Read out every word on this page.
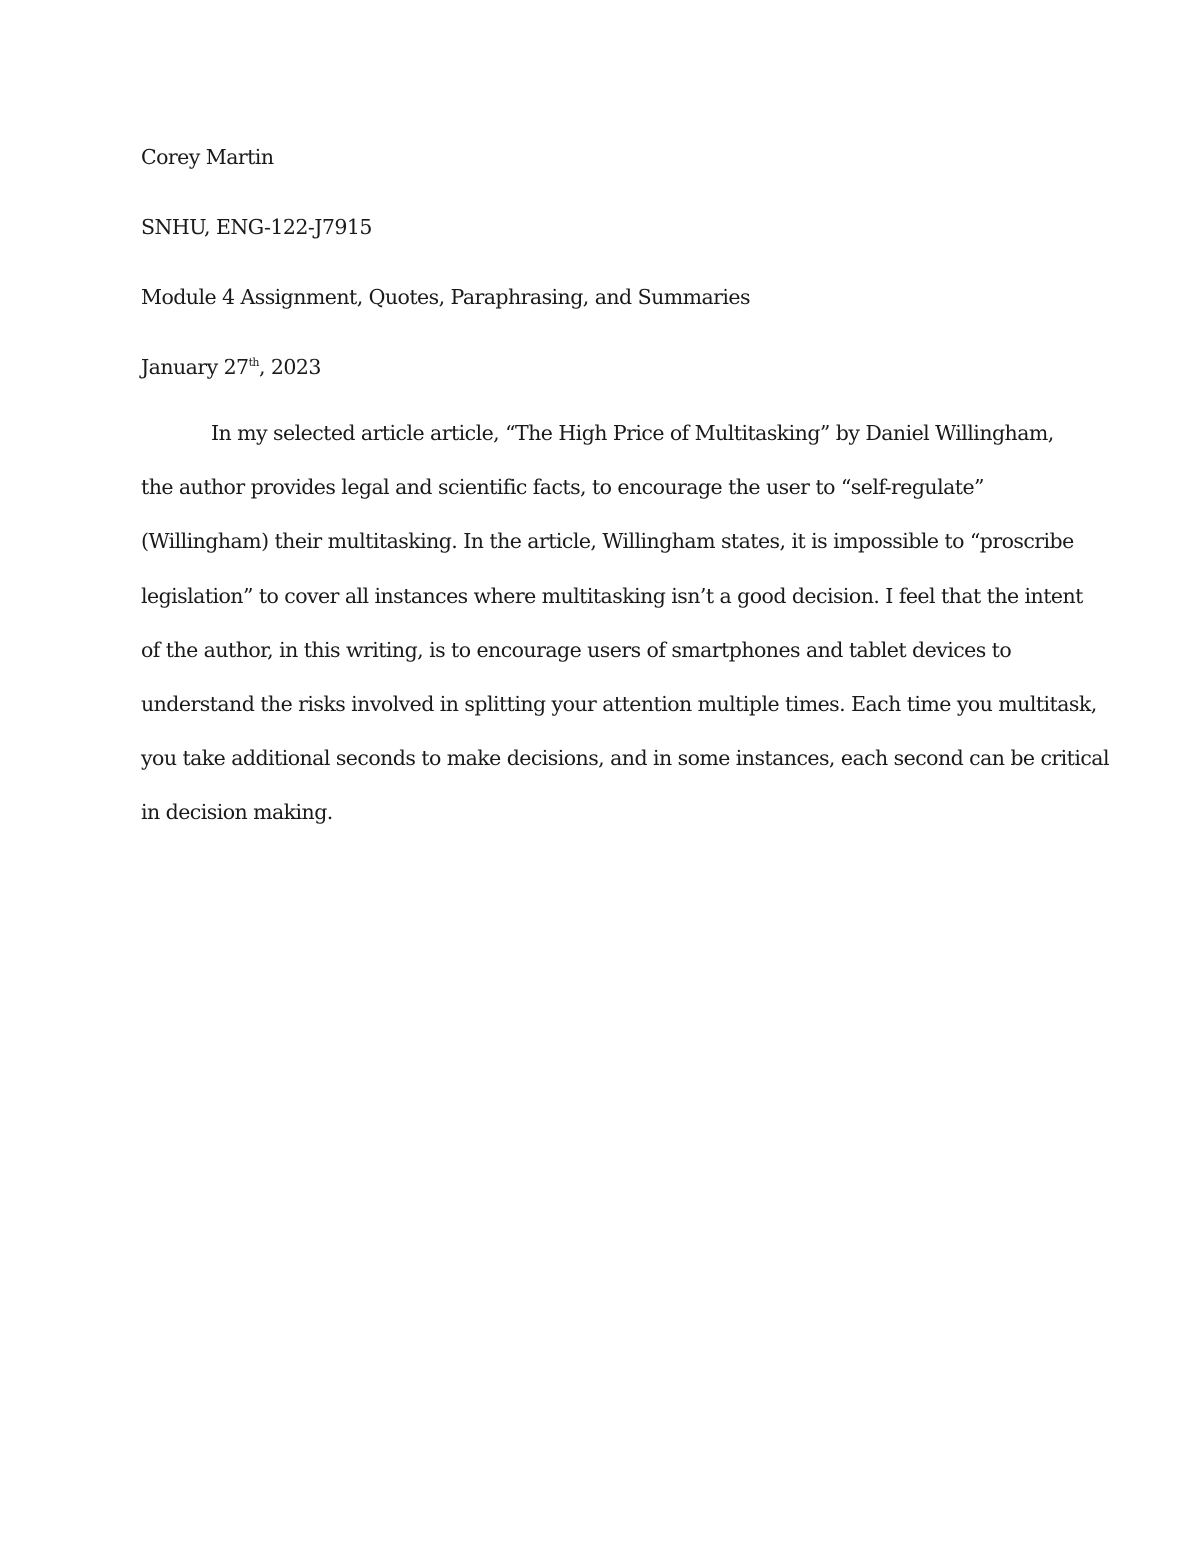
Corey Martin

SNHU, ENG-122-J7915

Module 4 Assignment, Quotes, Paraphrasing, and Summaries

January 27th, 2023

In my selected article article, “The High Price of Multitasking” by Daniel Willingham,

the author provides legal and scientific facts, to encourage the user to “self-regulate”

(Willingham) their multitasking. In the article, Willingham states, it is impossible to “proscribe

legislation” to cover all instances where multitasking isn’t a good decision. I feel that the intent

of the author, in this writing, is to encourage users of smartphones and tablet devices to

understand the risks involved in splitting your attention multiple times. Each time you multitask,

you take additional seconds to make decisions, and in some instances, each second can be critical

in decision making.
